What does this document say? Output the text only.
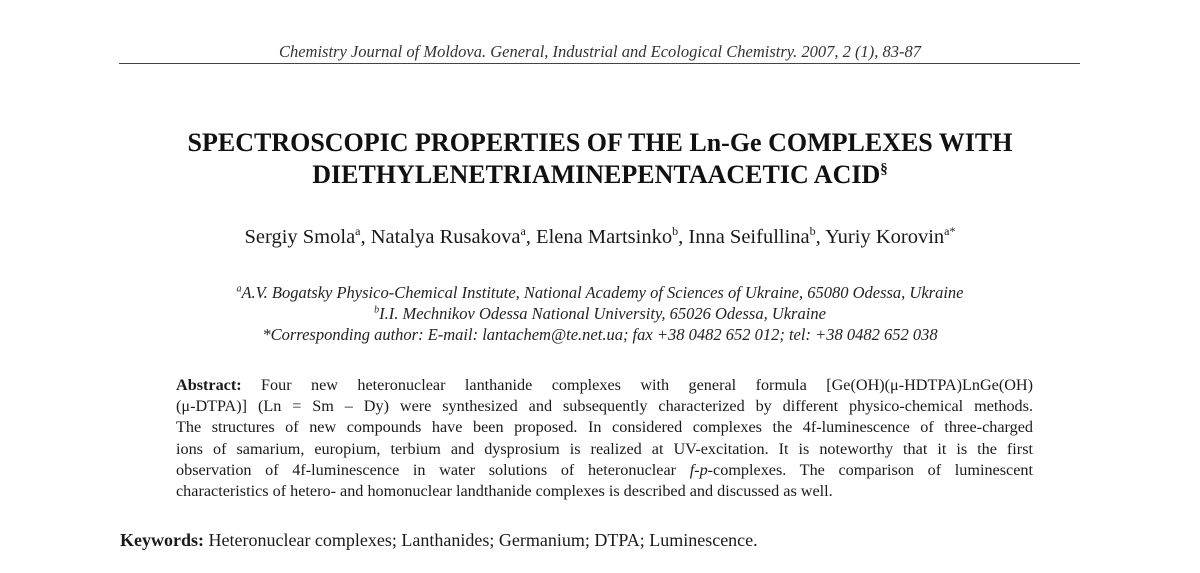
Chemistry Journal of Moldova. General, Industrial and Ecological Chemistry. 2007, 2 (1), 83-87
SPECTROSCOPIC PROPERTIES OF THE Ln-Ge COMPLEXES WITH
DIETHYLENETRIAMINEPENTAACETIC ACID§
Sergiy Smola$^a$, Natalya Rusakova$^a$, Elena Martsinko$^b$, Inna Seifullina$^b$, Yuriy Korovin$^{a*}$
$^a$A.V. Bogatsky Physico-Chemical Institute, National Academy of Sciences of Ukraine, 65080 Odessa, Ukraine
$^b$I.I. Mechnikov Odessa National University, 65026 Odessa, Ukraine
*Corresponding author: E-mail: lantachem@te.net.ua; fax +38 0482 652 012; tel: +38 0482 652 038
Abstract: Four new heteronuclear lanthanide complexes with general formula [Ge(OH)(μ-HDTPA)LnGe(OH)
(μ-DTPA)] (Ln = Sm – Dy) were synthesized and subsequently characterized by different physico-chemical methods.
The structures of new compounds have been proposed. In considered complexes the 4f-luminescence of three-charged
ions of samarium, europium, terbium and dysprosium is realized at UV-excitation. It is noteworthy that it is the first
observation of 4f-luminescence in water solutions of heteronuclear f-p-complexes. The comparison of luminescent
characteristics of hetero- and homonuclear landthanide complexes is described and discussed as well.
Keywords: Heteronuclear complexes; Lanthanides; Germanium; DTPA; Luminescence.
